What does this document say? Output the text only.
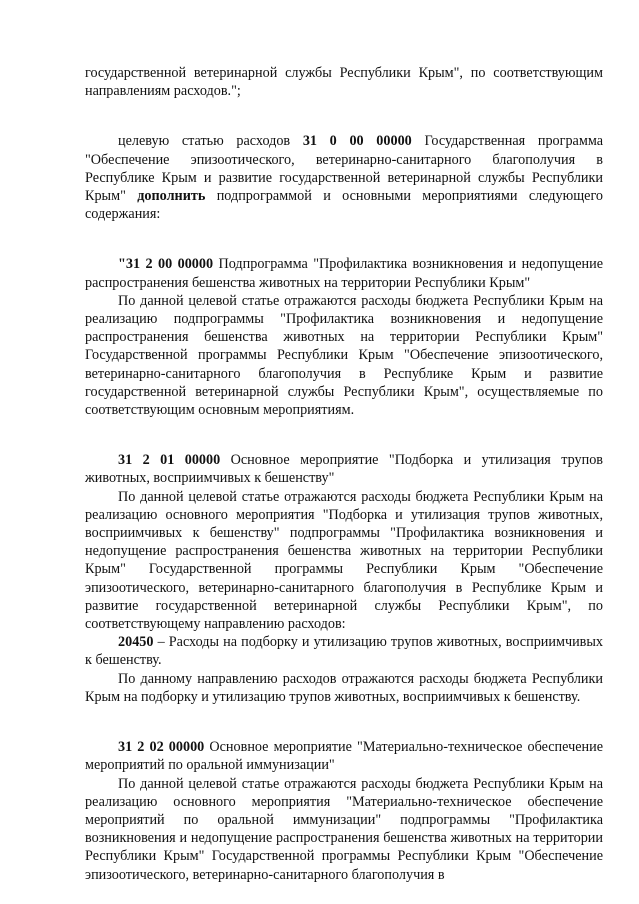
государственной ветеринарной службы Республики Крым", по соответствующим направлениям расходов.";

целевую статью расходов 31 0 00 00000 Государственная программа "Обеспечение эпизоотического, ветеринарно-санитарного благополучия в Республике Крым и развитие государственной ветеринарной службы Республики Крым" дополнить подпрограммой и основными мероприятиями следующего содержания:

"31 2 00 00000 Подпрограмма "Профилактика возникновения и недопущение распространения бешенства животных на территории Республики Крым"

По данной целевой статье отражаются расходы бюджета Республики Крым на реализацию подпрограммы "Профилактика возникновения и недопущение распространения бешенства животных на территории Республики Крым" Государственной программы Республики Крым "Обеспечение эпизоотического, ветеринарно-санитарного благополучия в Республике Крым и развитие государственной ветеринарной службы Республики Крым", осуществляемые по соответствующим основным мероприятиям.

31 2 01 00000 Основное мероприятие "Подборка и утилизация трупов животных, восприимчивых к бешенству"

По данной целевой статье отражаются расходы бюджета Республики Крым на реализацию основного мероприятия "Подборка и утилизация трупов животных, восприимчивых к бешенству" подпрограммы "Профилактика возникновения и недопущение распространения бешенства животных на территории Республики Крым" Государственной программы Республики Крым "Обеспечение эпизоотического, ветеринарно-санитарного благополучия в Республике Крым и развитие государственной ветеринарной службы Республики Крым", по соответствующему направлению расходов:

20450 – Расходы на подборку и утилизацию трупов животных, восприимчивых к бешенству.

По данному направлению расходов отражаются расходы бюджета Республики Крым на подборку и утилизацию трупов животных, восприимчивых к бешенству.

31 2 02 00000 Основное мероприятие "Материально-техническое обеспечение мероприятий по оральной иммунизации"

По данной целевой статье отражаются расходы бюджета Республики Крым на реализацию основного мероприятия "Материально-техническое обеспечение мероприятий по оральной иммунизации" подпрограммы "Профилактика возникновения и недопущение распространения бешенства животных на территории Республики Крым" Государственной программы Республики Крым "Обеспечение эпизоотического, ветеринарно-санитарного благополучия в
